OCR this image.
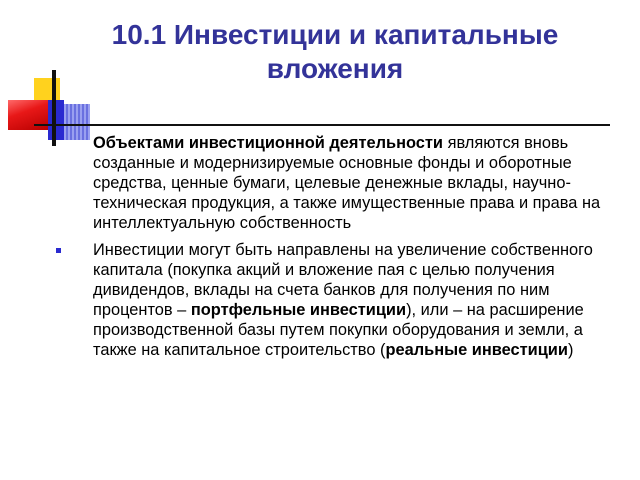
10.1 Инвестиции и капитальные вложения
Объектами инвестиционной деятельности являются вновь созданные и модернизируемые основные фонды и оборотные средства, ценные бумаги, целевые денежные вклады, научно-техническая продукция, а также имущественные права и права на интеллектуальную собственность
Инвестиции могут быть направлены на увеличение собственного капитала (покупка акций и вложение пая с целью получения дивидендов, вклады на счета банков для получения по ним процентов – портфельные инвестиции), или – на расширение производственной базы путем покупки оборудования и земли, а также на капитальное строительство (реальные инвестиции)
